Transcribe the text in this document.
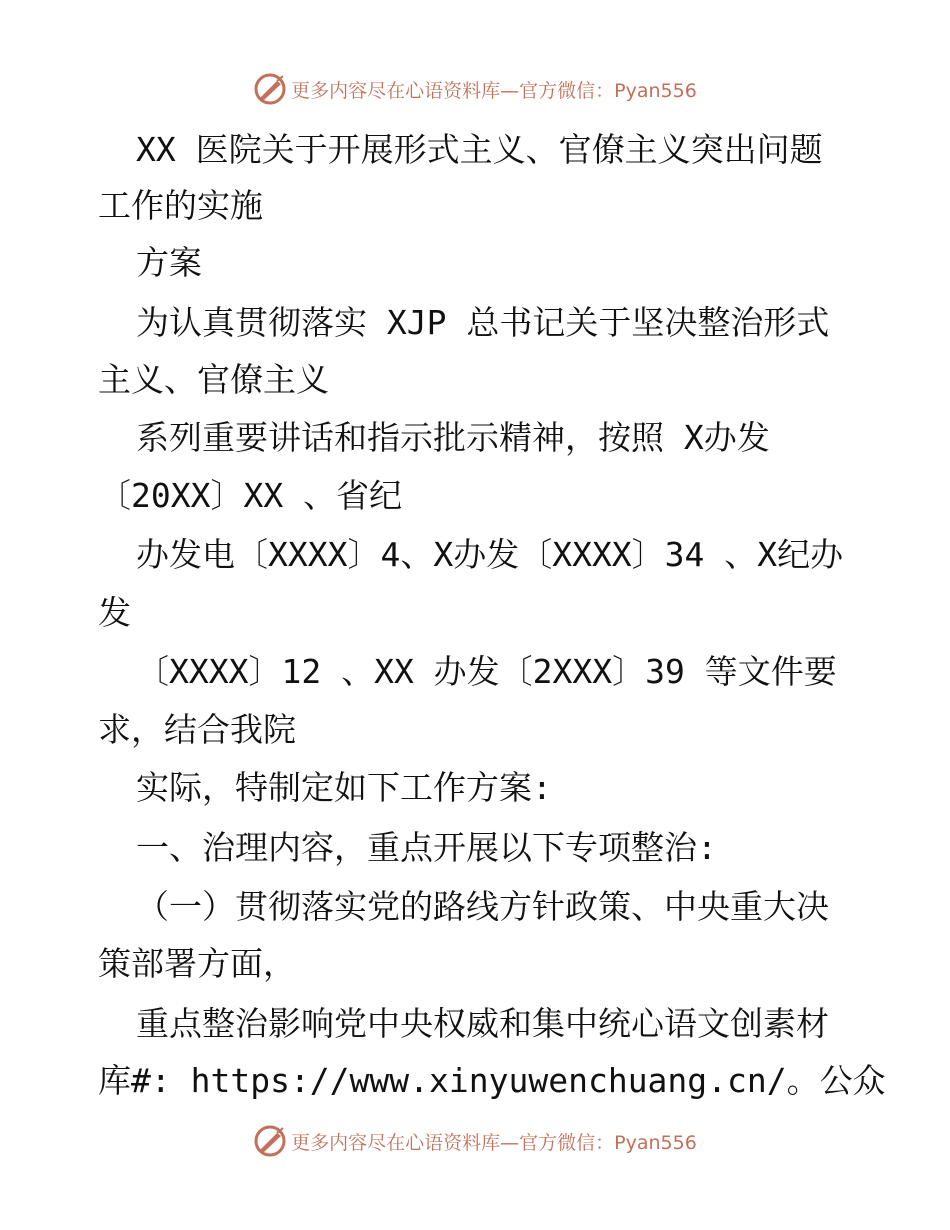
更多内容尽在心语资料库—官方微信：Pyan556
XX 医院关于开展形式主义、官僚主义突出问题
工作的实施
方案
为认真贯彻落实 XJP 总书记关于坚决整治形式
主义、官僚主义
系列重要讲话和指示批示精神，按照 X办发
〔20XX〕XX 、省纪
办发电〔XXXX〕4、X办发〔XXXX〕34 、X纪办
发
〔XXXX〕12 、XX 办发〔2XXX〕39 等文件要
求，结合我院
实际，特制定如下工作方案:
一、治理内容，重点开展以下专项整治:
（一）贯彻落实党的路线方针政策、中央重大决
策部署方面，
重点整治影响党中央权威和集中统心语文创素材
库#: https://www.xinyuwenchuang.cn/。公众
更多内容尽在心语资料库—官方微信：Pyan556
